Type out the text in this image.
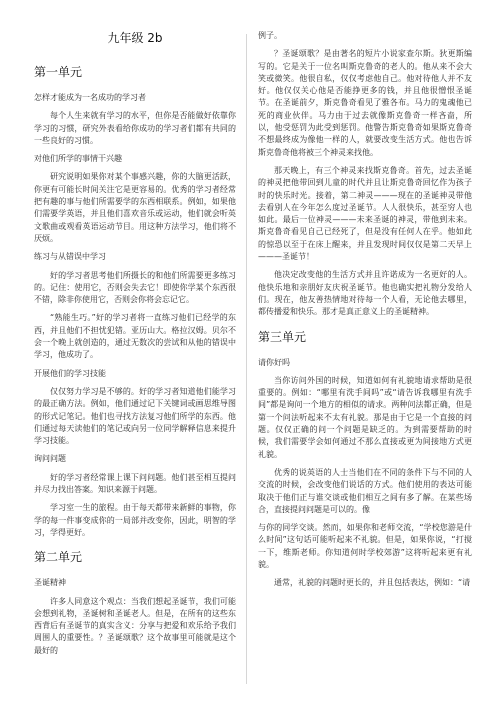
九年级 2b
第一单元

怎样才能成为一名成功的学习者

每个人生来就有学习的水平，但你是否能做好依靠你学习的习惯，研究外表看给你成功的学习者们都有共同的一些良好的习惯。

对他们所学的事情干兴趣

研究说明如果你对某个事感兴趣，你的大脑更活跃，你更有可能长时间关注它是更容易的。优秀的学习者经常把有趣的事与他们所需要学的东西相联系。例如，如果他们需要学英语，并且他们喜欢音乐或运动，他们就会听英文歌曲或观看英语运动节目。用这种方法学习，他们将不厌烦。

练习与从错误中学习

好的学习者思考他们所摄长的和他们所需要更多练习的。记住：使用它，否则会失去它！即使你学某个东西很不错，除非你使用它，否则会你将会忘记它。

“熟能生巧。”好的学习者将一直练习他们已经学的东西，并且他们不担忧犯错。亚历山大。格拉汉姆。贝尔不会一个晚上就创造的，通过无数次的尝试和从他的错误中学习，他成功了。

开展他们的学习技能

仅仅努力学习是不够的。好的学习者知道他们能学习的最正确方法。例如，他们通过记下关键词或画思维导图的形式记笔记。他们也寻找方法复习他们所学的东西。他们通过每天读他们的笔记或向另一位同学解释信息来提升学习技能。

询问问题

好的学习者经常课上课下问问题。他们甚至相互提问并尽力找出答案。知识来源于问题。

学习室一生的旅程。由于每天都带来新鲜的事物，你学的每一件事变成你的一局部并改变你，因此，明智的学习，学得更好。

第二单元

圣诞精神

许多人同意这个观点：当我们想起圣诞节，我们可能会想到礼物，圣诞树和圣诞老人。但是，在所有的这些东西背后有圣诞节的真实含义：分享与把爱和欢乐给予我们周围人的重要性。？圣诞颂歌？这个故事里可能就是这个最好的

例子。

？圣诞颂歌？是由著名的短片小说家查尔斯。狄更斯编写的。它是关于一位名叫斯克鲁奇的老人的。他从来不会大笑或微笑。他很自私，仅仅考虑他自己。他对待他人并不友好。他仅仅关心他是否能挣更多的钱，并且他很憎恨圣诞节。在圣诞前夕，斯克鲁奇看见了雅各布。马力的鬼魂他已死的商业伙伴。马力由于过去就像斯克鲁奇一样吝啬，所以，他受惩罚为此受到惩罚。他警告斯克鲁奇如果斯克鲁奇不想最终成为像他一样的人，就要改变生活方式。他也告诉斯克鲁奇他将被三个神灵来找他。

那天晚上，有三个神灵来找斯克鲁奇。首先，过去圣诞的神灵把他带回到儿童的时代并且让斯克鲁奇回忆作为孩子时的快乐时光。接着，第二神灵———现在的圣诞神灵带他去看别人在今年怎么度过圣诞节。人人很快乐，甚至穷人也如此。最后一位神灵———未来圣诞的神灵，带他到未来。斯克鲁奇看见自己已经死了，但是没有任何人在乎。他如此的惊恐以至于在床上醒来，并且发现时间仅仅是第二天早上———圣诞节！

他决定改变他的生活方式并且许诺成为一名更好的人。他快乐地和亲朋好友庆祝圣诞节。他也确实把礼物分发给人们。现在，他友善热情地对待每一个人看，无论他去哪里，都传播爱和快乐。那才是真正意义上的圣诞精神。

第三单元

请你好吗

当你访问外国的时候，知道如何有礼貌地请求帮助是很重要的。例如：“哪里有洗手间吗”或“请告诉我哪里有洗手间”都是询问一个地方的相似的请求。两种问法都正确，但是第一个问法听起来不太有礼貌。那是由于它是一个直接的问题。仅仅正确的问一个问题是缺乏的。为到需要帮助的时候，我们需要学会如何通过不那么直接或更为间接地方式更礼貌。

优秀的说英语的人士当他们在不同的条件下与不同的人交流的时候，会改变他们说话的方式。他们使用的表达可能取决于他们正与谁交谈或他们相互之间有多了解。在某些场合，直接提问问题是可以的。像

与你的同学交谈。然而，如果你和老师交流，“学校您游是什么时间”这句话可能听起来不礼貌。但是，如果你说，“打搅一下，维斯老师。你知道何时学校郊游”这将听起来更有礼貌。

通常，礼貌的问题时更长的，并且包括表达，例如：“请
